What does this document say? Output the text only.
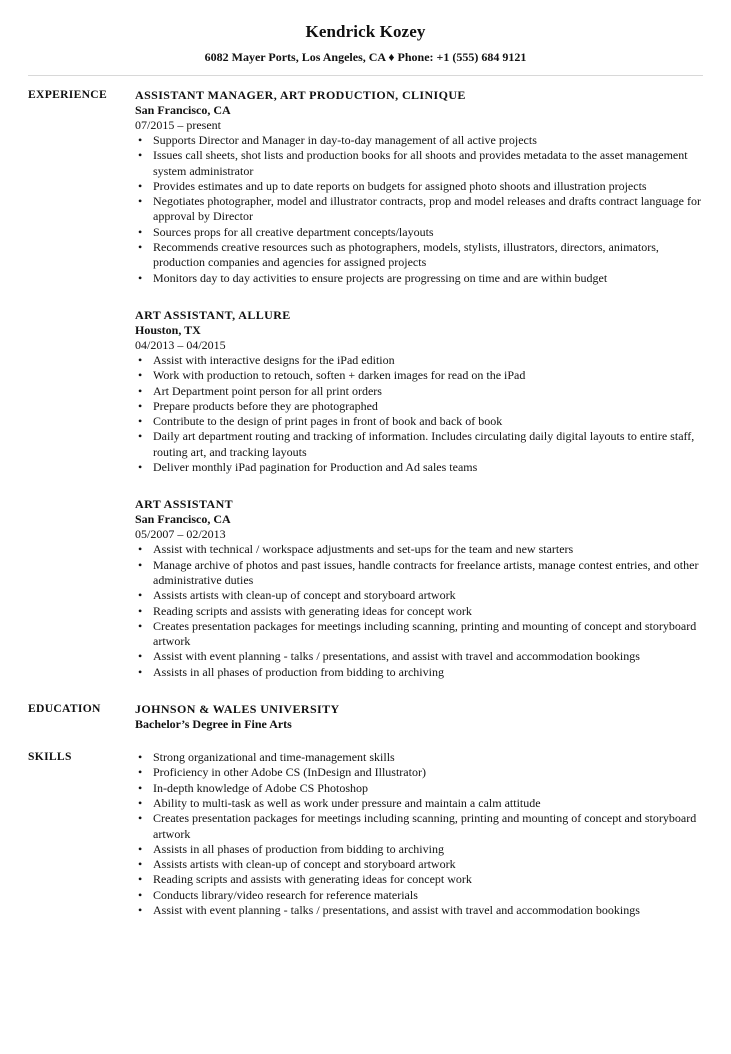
Kendrick Kozey
6082 Mayer Ports, Los Angeles, CA ♦ Phone: +1 (555) 684 9121
EXPERIENCE	ASSISTANT MANAGER, ART PRODUCTION, CLINIQUE
San Francisco, CA
07/2015 – present
• Supports Director and Manager in day-to-day management of all active projects
• Issues call sheets, shot lists and production books for all shoots and provides metadata to the asset management system administrator
• Provides estimates and up to date reports on budgets for assigned photo shoots and illustration projects
• Negotiates photographer, model and illustrator contracts, prop and model releases and drafts contract language for approval by Director
• Sources props for all creative department concepts/layouts
• Recommends creative resources such as photographers, models, stylists, illustrators, directors, animators, production companies and agencies for assigned projects
• Monitors day to day activities to ensure projects are progressing on time and are within budget
ART ASSISTANT, ALLURE
Houston, TX
04/2013 – 04/2015
• Assist with interactive designs for the iPad edition
• Work with production to retouch, soften + darken images for read on the iPad
• Art Department point person for all print orders
• Prepare products before they are photographed
• Contribute to the design of print pages in front of book and back of book
• Daily art department routing and tracking of information. Includes circulating daily digital layouts to entire staff, routing art, and tracking layouts
• Deliver monthly iPad pagination for Production and Ad sales teams
ART ASSISTANT
San Francisco, CA
05/2007 – 02/2013
• Assist with technical / workspace adjustments and set-ups for the team and new starters
• Manage archive of photos and past issues, handle contracts for freelance artists, manage contest entries, and other administrative duties
• Assists artists with clean-up of concept and storyboard artwork
• Reading scripts and assists with generating ideas for concept work
• Creates presentation packages for meetings including scanning, printing and mounting of concept and storyboard artwork
• Assist with event planning - talks / presentations, and assist with travel and accommodation bookings
• Assists in all phases of production from bidding to archiving
EDUCATION	JOHNSON & WALES UNIVERSITY
Bachelor’s Degree in Fine Arts
SKILLS
•	Strong organizational and time-management skills
• Proficiency in other Adobe CS (InDesign and Illustrator)
• In-depth knowledge of Adobe CS Photoshop
• Ability to multi-task as well as work under pressure and maintain a calm attitude
• Creates presentation packages for meetings including scanning, printing and mounting of concept and storyboard artwork
• Assists in all phases of production from bidding to archiving
• Assists artists with clean-up of concept and storyboard artwork
• Reading scripts and assists with generating ideas for concept work
• Conducts library/video research for reference materials
• Assist with event planning - talks / presentations, and assist with travel and accommodation bookings
